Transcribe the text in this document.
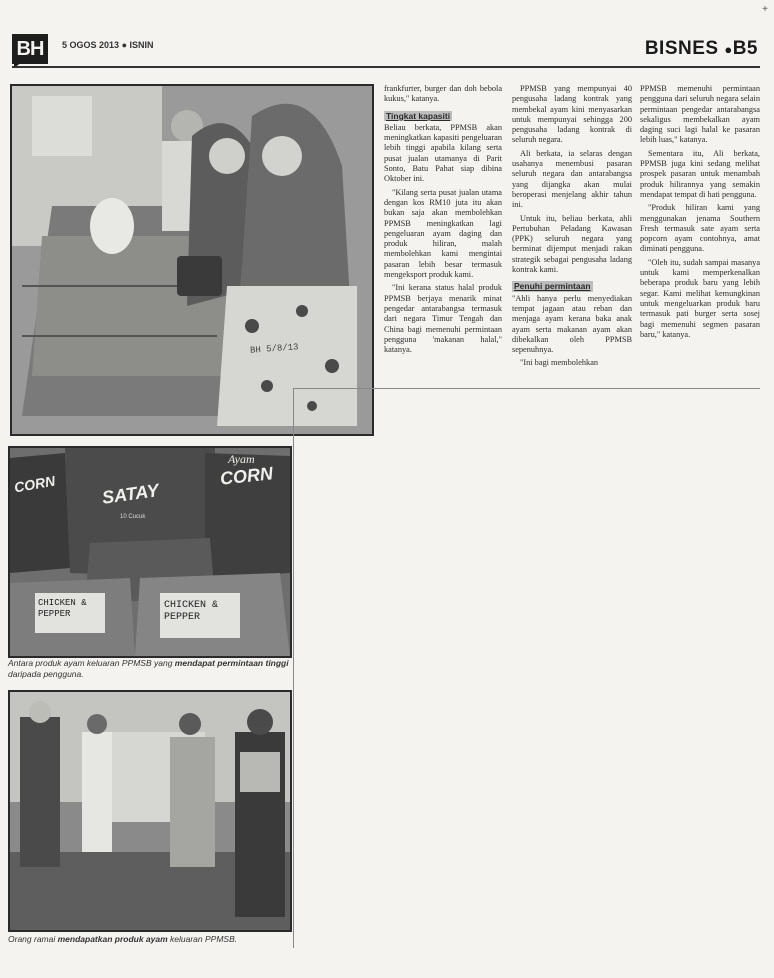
+
BH	5 OGOS 2013 ● ISNIN	BISNES ●B5
BH 5/8/13
SATAY
CORN
Ayam
CORN
CHICKEN & PEPPER
CHICKEN & PEPPER
10 Cucuk
Antara produk ayam keluaran PPMSB yang mendapat permintaan tinggi daripada pengguna.
Orang ramai mendapatkan produk ayam keluaran PPMSB.

frankfurter, burger dan doh bebola kukus," katanya.

Tingkat kapasiti

Beliau berkata, PPMSB akan meningkatkan kapasiti pengeluaran lebih tinggi apabila kilang serta pusat jualan utamanya di Parit Sonto, Batu Pahat siap dibina Oktober ini.

"Kilang serta pusat jualan utama dengan kos RM10 juta itu akan bukan saja akan membolehkan PPMSB meningkatkan lagi pengeluaran ayam daging dan produk hiliran, malah membolehkan kami mengintai pasaran lebih besar termasuk mengeksport produk kami.

"Ini kerana status halal produk PPMSB berjaya menarik minat pengedar antarabangsa termasuk dari negara Timur Tengah dan China bagi memenuhi permintaan pengguna 'makanan halal," katanya.

PPMSB yang mempunyai 40 pengusaha ladang kontrak yang membekal ayam kini menyasarkan untuk mempunyai sehingga 200 pengusaha ladang kontrak di seluruh negara.

Ali berkata, ia selaras dengan usahanya menembusi pasaran seluruh negara dan antarabangsa yang dijangka akan mulai beroperasi menjelang akhir tahun ini.

Untuk itu, beliau berkata, ahli Pertubuhan Peladang Kawasan (PPK) seluruh negara yang berminat dijemput menjadi rakan strategik sebagai pengusaha ladang kontrak kami.

Penuhi permintaan

"Ahli hanya perlu menyediakan tempat jagaan atau reban dan menjaga ayam kerana baka anak ayam serta makanan ayam akan dibekalkan oleh PPMSB sepenuhnya.

"Ini bagi membolehkan

PPMSB memenuhi permintaan pengguna dari seluruh negara selain permintaan pengedar antarabangsa sekaligus membekalkan ayam daging suci lagi halal ke pasaran lebih luas," katanya.

Sementara itu, Ali berkata, PPMSB juga kini sedang melihat prospek pasaran untuk menambah produk hilirannya yang semakin mendapat tempat di hati pengguna.

"Produk hiliran kami yang menggunakan jenama Southern Fresh termasuk sate ayam serta popcorn ayam contohnya, amat diminati pengguna.

"Oleh itu, sudah sampai masanya untuk kami memperkenalkan beberapa produk baru yang lebih segar. Kami melihat kemungkinan untuk mengeluarkan produk baru termasuk pati burger serta sosej bagi memenuhi segmen pasaran baru," katanya.
